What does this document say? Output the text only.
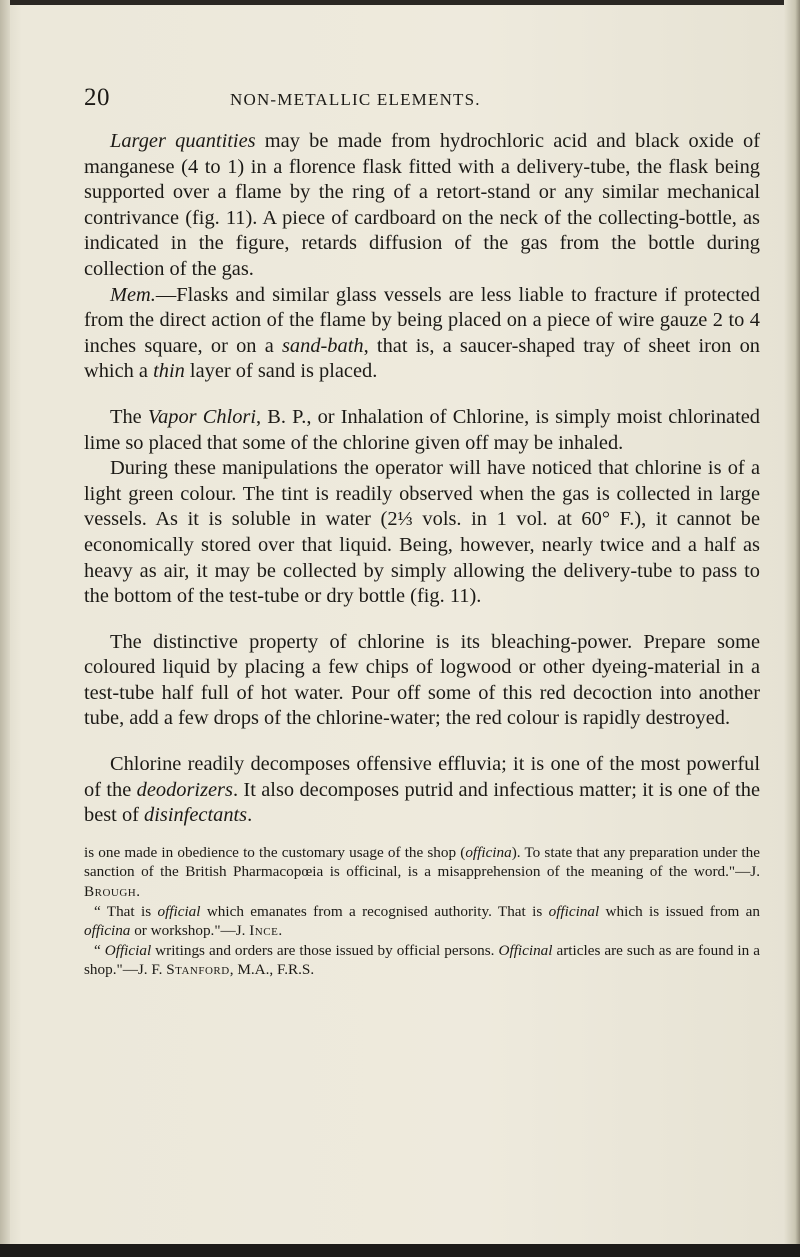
20	NON-METALLIC ELEMENTS.

Larger quantities may be made from hydrochloric acid and black oxide of manganese (4 to 1) in a florence flask fitted with a delivery-tube, the flask being supported over a flame by the ring of a retort-stand or any similar mechanical contrivance (fig. 11). A piece of cardboard on the neck of the collecting-bottle, as indicated in the figure, retards diffusion of the gas from the bottle during collection of the gas.

Mem.—Flasks and similar glass vessels are less liable to fracture if protected from the direct action of the flame by being placed on a piece of wire gauze 2 to 4 inches square, or on a sand-bath, that is, a saucer-shaped tray of sheet iron on which a thin layer of sand is placed.

The Vapor Chlori, B. P., or Inhalation of Chlorine, is simply moist chlorinated lime so placed that some of the chlorine given off may be inhaled.

During these manipulations the operator will have noticed that chlorine is of a light green colour. The tint is readily observed when the gas is collected in large vessels. As it is soluble in water (2⅓ vols. in 1 vol. at 60° F.), it cannot be economically stored over that liquid. Being, however, nearly twice and a half as heavy as air, it may be collected by simply allowing the delivery-tube to pass to the bottom of the test-tube or dry bottle (fig. 11).

The distinctive property of chlorine is its bleaching-power. Prepare some coloured liquid by placing a few chips of logwood or other dyeing-material in a test-tube half full of hot water. Pour off some of this red decoction into another tube, add a few drops of the chlorine-water; the red colour is rapidly destroyed.

Chlorine readily decomposes offensive effluvia; it is one of the most powerful of the deodorizers. It also decomposes putrid and infectious matter; it is one of the best of disinfectants.

is one made in obedience to the customary usage of the shop (officina). To state that any preparation under the sanction of the British Pharmacopœia is officinal, is a misapprehension of the meaning of the word."—J. Brough.
“ That is official which emanates from a recognised authority. That is officinal which is issued from an officina or workshop."—J. Ince.
“ Official writings and orders are those issued by official persons. Officinal articles are such as are found in a shop."—J. F. Stanford, M.A., F.R.S.
